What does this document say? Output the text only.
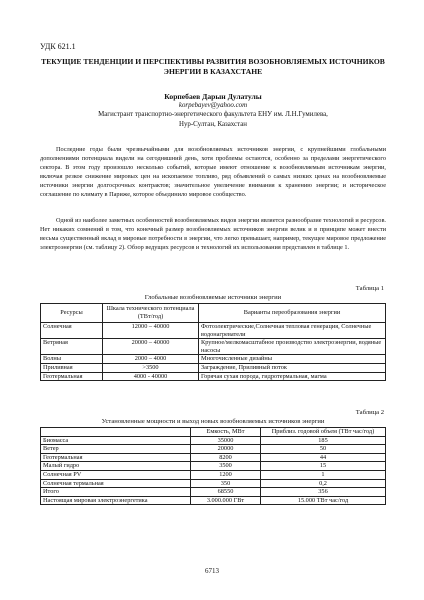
УДК 621.1
ТЕКУЩИЕ ТЕНДЕНЦИИ И ПЕРСПЕКТИВЫ РАЗВИТИЯ ВОЗОБНОВЛЯЕМЫХ ИСТОЧНИКОВ ЭНЕРГИИ В КАЗАХСТАНЕ
Корпебаев Дарын Дулатулы
korpebayev@yahoo.com
Магистрант транспортно-энергетического факультета ЕНУ им. Л.Н.Гумилева,
Нур-Султан, Казахстан

Последние годы были чрезвычайными для возобновляемых источников энергии, с крупнейшими глобальными дополнениями потенциала видели на сегодняшний день, хотя проблемы остаются, особенно за пределами энергетического сектора. В этом году произошло несколько событий, которые имеют отношение к возобновляемым источникам энергии, включая резкое снижение мировых цен на ископаемое топливо, ряд объявлений о самых низких ценах на возобновляемые источники энергии долгосрочных контрактов; значительное увеличение внимания к хранению энергии; и историческое соглашение по климату в Париже, которое объединило мировое сообщество.

Одной из наиболее заметных особенностей возобновляемых видов энергии является разнообразие технологий и ресурсов. Нет никаких сомнений в том, что конечный размер возобновляемых источников энергии велик и в принципе может внести весьма существенный вклад в мировые потребности в энергии, что легко превышает, например, текущее мировое предложение электроэнергии (см. таблицу 2). Обзор ведущих ресурсов и технологий их использования представлен в таблице 1.

Таблица 1
Глобальные возобновляемые источники энергии
Ресурсы	Шкала технического потенциала (ТВт/год)	Варианты переобразования энергии
Солнечная	12000 – 40000	Фотоэлектрические,Солнечная тепловая генерация, Солнечные водонагреватели
Ветряная	20000 – 40000	Крупное/мелкомасштабное производство электроэнергии, водяные насосы
Волны	2000 – 4000	Многочисленные дизайны
Приливная	>3500	Заграждение, Приливный поток
Геотермальная	4000 - 40000	Горячая сухая порода, гидротермальная, магма
Таблица 2
Установленные мощности и выход новых возобновляемых источников энергии
	Емкость, МВт	Приблиз. годовой объем (ТВт час/год)
Биомасса	35000	185
Ветер	20000	50
Геотермальная	8200	44
Малый гидро	3500	15
Солнечная PV	1200	1
Солнечная термальная	350	0,2
Итого	68550	356
Настоящая мировая электроэнергетика	3.000.000 ГВт	15.000 ТВт час/год
6713
